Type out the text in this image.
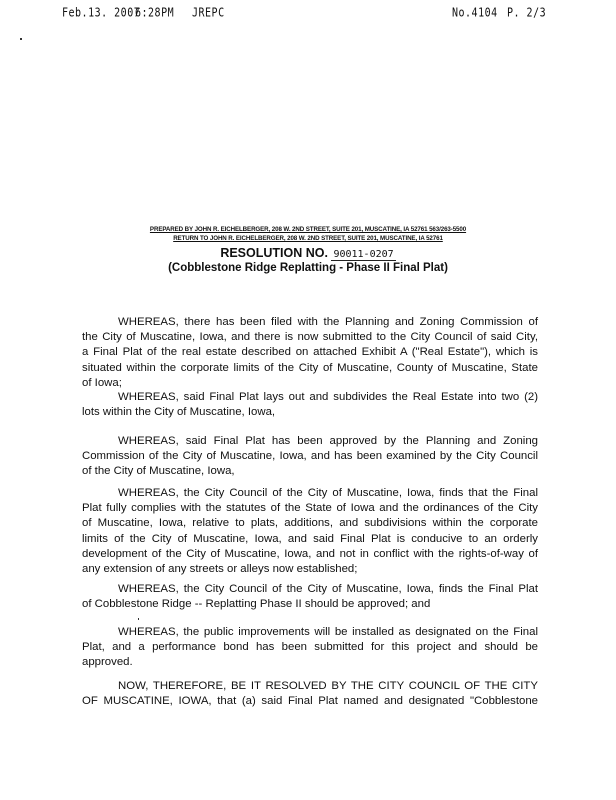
Feb.13. 2007
6:28PM JREPC	No.4104 P. 2/3
PREPARED BY JOHN R. EICHELBERGER, 208 W. 2ND STREET, SUITE 201, MUSCATINE, IA 52761 563/263-5500
RETURN TO JOHN R. EICHELBERGER, 208 W. 2ND STREET, SUITE 201, MUSCATINE, IA 52761
RESOLUTION NO. 90011-0207
(Cobblestone Ridge Replatting - Phase II Final Plat)
WHEREAS, there has been filed with the Planning and Zoning Commission of
the City of Muscatine, Iowa, and there is now submitted to the City Council of said City,
a Final Plat of the real estate described on attached Exhibit A ("Real Estate"), which is
situated within the corporate limits of the City of Muscatine, County of Muscatine, State
of Iowa;
WHEREAS, said Final Plat lays out and subdivides the Real Estate into two (2)
lots within the City of Muscatine, Iowa,
WHEREAS, said Final Plat has been approved by the Planning and Zoning
Commission of the City of Muscatine, Iowa, and has been examined by the City Council
of the City of Muscatine, Iowa,
WHEREAS, the City Council of the City of Muscatine, Iowa, finds that the Final
Plat fully complies with the statutes of the State of Iowa and the ordinances of the City
of Muscatine, Iowa, relative to plats, additions, and subdivisions within the corporate
limits of the City of Muscatine, Iowa, and said Final Plat is conducive to an orderly
development of the City of Muscatine, Iowa, and not in conflict with the rights-of-way of
any extension of any streets or alleys now established;
WHEREAS, the City Council of the City of Muscatine, Iowa, finds the Final Plat
of Cobblestone Ridge -- Replatting Phase II should be approved; and
WHEREAS, the public improvements will be installed as designated on the Final
Plat, and a performance bond has been submitted for this project and should be
approved.
NOW, THEREFORE, BE IT RESOLVED BY THE CITY COUNCIL OF THE CITY
OF MUSCATINE, IOWA, that (a) said Final Plat named and designated "Cobblestone
